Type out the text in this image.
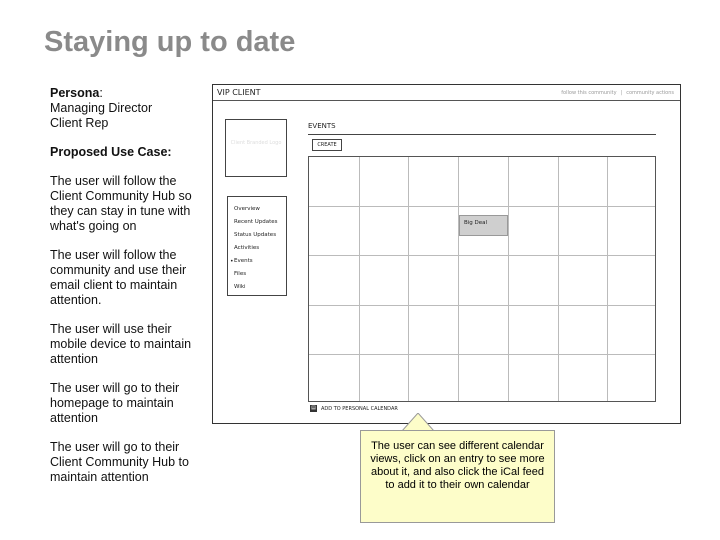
Staying up to date

Persona:
Managing Director
Client Rep

Proposed Use Case:

The user will follow the Client Community Hub so they can stay in tune with what's going on

The user will follow the community and use their email client to maintain attention.

The user will use their mobile device to maintain attention

The user will go to their homepage to maintain attention

The user will go to their Client Community Hub to maintain attention

VIP CLIENT	follow this community | community actions
Client Branded Logo
Overview
Recent Updates
Status Updates
Activities
• Events
Files
Wiki
EVENTS
CREATE
Big Deal
▤ ADD TO PERSONAL CALENDAR
The user can see different calendar views, click on an entry to see more about it, and also click the iCal feed to add it to their own calendar
